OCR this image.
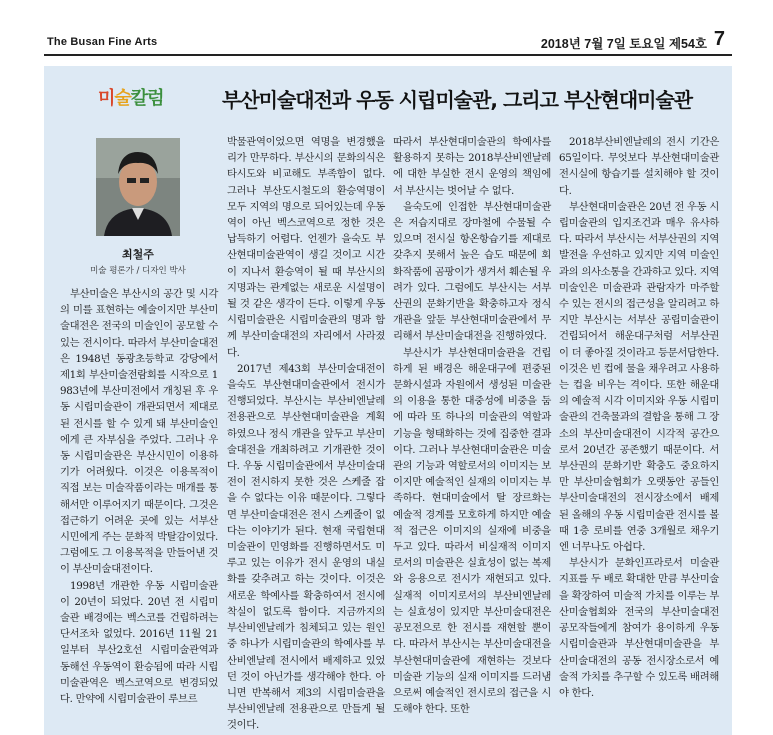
The Busan Fine Arts	2018년 7월 7일 토요일 제54호 7
미술칼럼	부산미술대전과 우동 시립미술관, 그리고 부산현대미술관
최철주
미술 평론가 / 디자인 박사

부산미술은 부산시의 공간 및 시각의 미를 표현하는 예술이지만 부산미술대전은 전국의 미술인이 공모할 수 있는 전시이다. 따라서 부산미술대전은 1948년 동광초등학교 강당에서 제1회 부산미술전람회를 시작으로 1983년에 부산미전에서 개칭된 후 우동 시립미술관이 개관되면서 제대로 된 전시를 할 수 있게 돼 부산미술인에게 큰 자부심을 주었다. 그러나 우동 시립미술관은 부산시민이 이용하기가 어려웠다. 이것은 이용목적이 직접 보는 미술작품이라는 매개를 통해서만 이루어지기 때문이다. 그것은 접근하기 어려운 곳에 있는 서부산 시민에게 주는 문화적 박탈감이었다. 그럼에도 그 이용목적을 만들어낸 것이 부산미술대전이다.

1998년 개관한 우동 시립미술관이 20년이 되었다. 20년 전 시립미술관 배경에는 벡스코를 건립하려는 단서조차 없었다. 2016년 11월 21일부터 부산2호선 시립미술관역과 동해선 우동역이 환승됨에 따라 시립미술관역은 벡스코역으로 변경되었다. 만약에 시립미술관이 루브르

박물관역이었으면 역명을 변경했을리가 만무하다. 부산시의 문화의식은 타시도와 비교해도 부족함이 없다. 그러나 부산도시철도의 환승역명이 모두 지역의 명으로 되어있는데 우동역이 아닌 벡스코역으로 정한 것은 납득하기 어렵다. 언젠가 을숙도 부산현대미술관역이 생길 것이고 시간이 지나서 환승역이 될 때 부산시의 지명과는 관계없는 새로운 시설명이 될 것 같은 생각이 든다. 이렇게 우동 시립미술관은 시립미술관의 명과 함께 부산미술대전의 자리에서 사라졌다.

2017년 제43회 부산미술대전이 을숙도 부산현대미술관에서 전시가 진행되었다. 부산시는 부산비엔날레 전용관으로 부산현대미술관을 계획하였으나 정식 개관을 앞두고 부산미술대전을 개최하려고 기개관한 것이다. 우동 시립미술관에서 부산미술대전이 전시하지 못한 것은 스케줄 잡을 수 없다는 이유 때문이다. 그렇다면 부산미술대전은 전시 스케줄이 없다는 이야기가 된다. 현재 국립현대미술관이 민영화를 진행하면서도 미루고 있는 이유가 전시 운영의 내실화를 갖추려고 하는 것이다. 이것은 새로운 학예사를 확충하여서 전시에 착실이 없도록 함이다. 지금까지의 부산비엔날레가 침체되고 있는 원인 중 하나가 시립미술관의 학예사를 부산비엔날레 전시에서 배제하고 있었던 것이 아닌가를 생각해야 한다. 아니면 반복해서 제3의 시립미술관을 부산비엔날레 전용관으로 만들게 될 것이다.

따라서 부산현대미술관의 학예사를 활용하지 못하는 2018부산비엔날레에 대한 부실한 전시 운영의 책임에서 부산시는 벗어날 수 없다.

을숙도에 인접한 부산현대미술관은 저습지대로 장마철에 수물될 수 있으며 전시실 항온항습기를 제대로 갖추지 못해서 높은 습도 때문에 회화작품에 곰팡이가 생겨서 훼손될 우려가 있다. 그럼에도 부산시는 서부산권의 문화기반을 확충하고자 정식 개관을 앞둔 부산현대미술관에서 무리해서 부산미술대전을 진행하였다.

부산시가 부산현대미술관을 건립하게 된 배경은 해운대구에 편중된 문화시설과 자원에서 생성된 미술관의 이용을 통한 대중성에 비중을 둠에 따라 또 하나의 미술관의 역할과 기능을 형태화하는 것에 집중한 결과이다. 그러나 부산현대미술관은 미술관의 기능과 역할로서의 이미지는 보이지만 예술적인 실재의 이미지는 부족하다. 현대미술에서 탈 장르화는 예술적 경계를 모호하게 하지만 예술적 접근은 이미지의 실재에 비중을 두고 있다. 따라서 비실재적 이미지로서의 미술관은 실효성이 없는 복제와 응용으로 전시가 재현되고 있다. 실재적 이미지로서의 부산비엔날레는 실효성이 있지만 부산미술대전은 공모전으로 한 전시를 재현할 뿐이다. 따라서 부산시는 부산미술대전을 부산현대미술관에 재현하는 것보다 미술관 기능의 실재 이미지를 드러냄으로써 예술적인 전시로의 접근을 시도해야 한다. 또한

2018부산비엔날레의 전시 기간은 65일이다. 무엇보다 부산현대미술관 전시실에 항습기를 설치해야 할 것이다.

부산현대미술관은 20년 전 우동 시립미술관의 입지조건과 매우 유사하다. 따라서 부산시는 서부산권의 지역 발전을 우선하고 있지만 지역 미술인과의 의사소통을 간과하고 있다. 지역미술인은 미술관과 관람자가 마주할 수 있는 전시의 접근성을 알리려고 하지만 부산시는 서부산 공립미술관이 건립되어서 해운대구처럼 서부산권이 더 좋아질 것이라고 등문서답한다. 이것은 빈 컵에 물을 채우려고 사용하는 컵을 비우는 격이다. 또한 해운대의 예술적 시각 이미지와 우동 시립미술관의 건축물과의 결합을 통해 그 장소의 부산미술대전이 시각적 공간으로서 20년간 공존했기 때문이다. 서부산권의 문화기반 확충도 중요하지만 부산미술협회가 오랫동안 공들인 부산미술대전의 전시장소에서 배제된 올해의 우동 시립미술관 전시를 볼 때 1층 로비를 연중 3개월로 채우기엔 너무나도 아쉽다.

부산시가 문화인프라로서 미술관 지표를 두 배로 확대한 만큼 부산미술을 확장하여 미술적 가치를 이루는 부산미술협회와 전국의 부산미술대전 공모작들에게 참여가 용이하게 우동 시립미술관과 부산현대미술관을 부산미술대전의 공동 전시장소로서 예술적 가치를 추구할 수 있도록 배려해야 한다.
